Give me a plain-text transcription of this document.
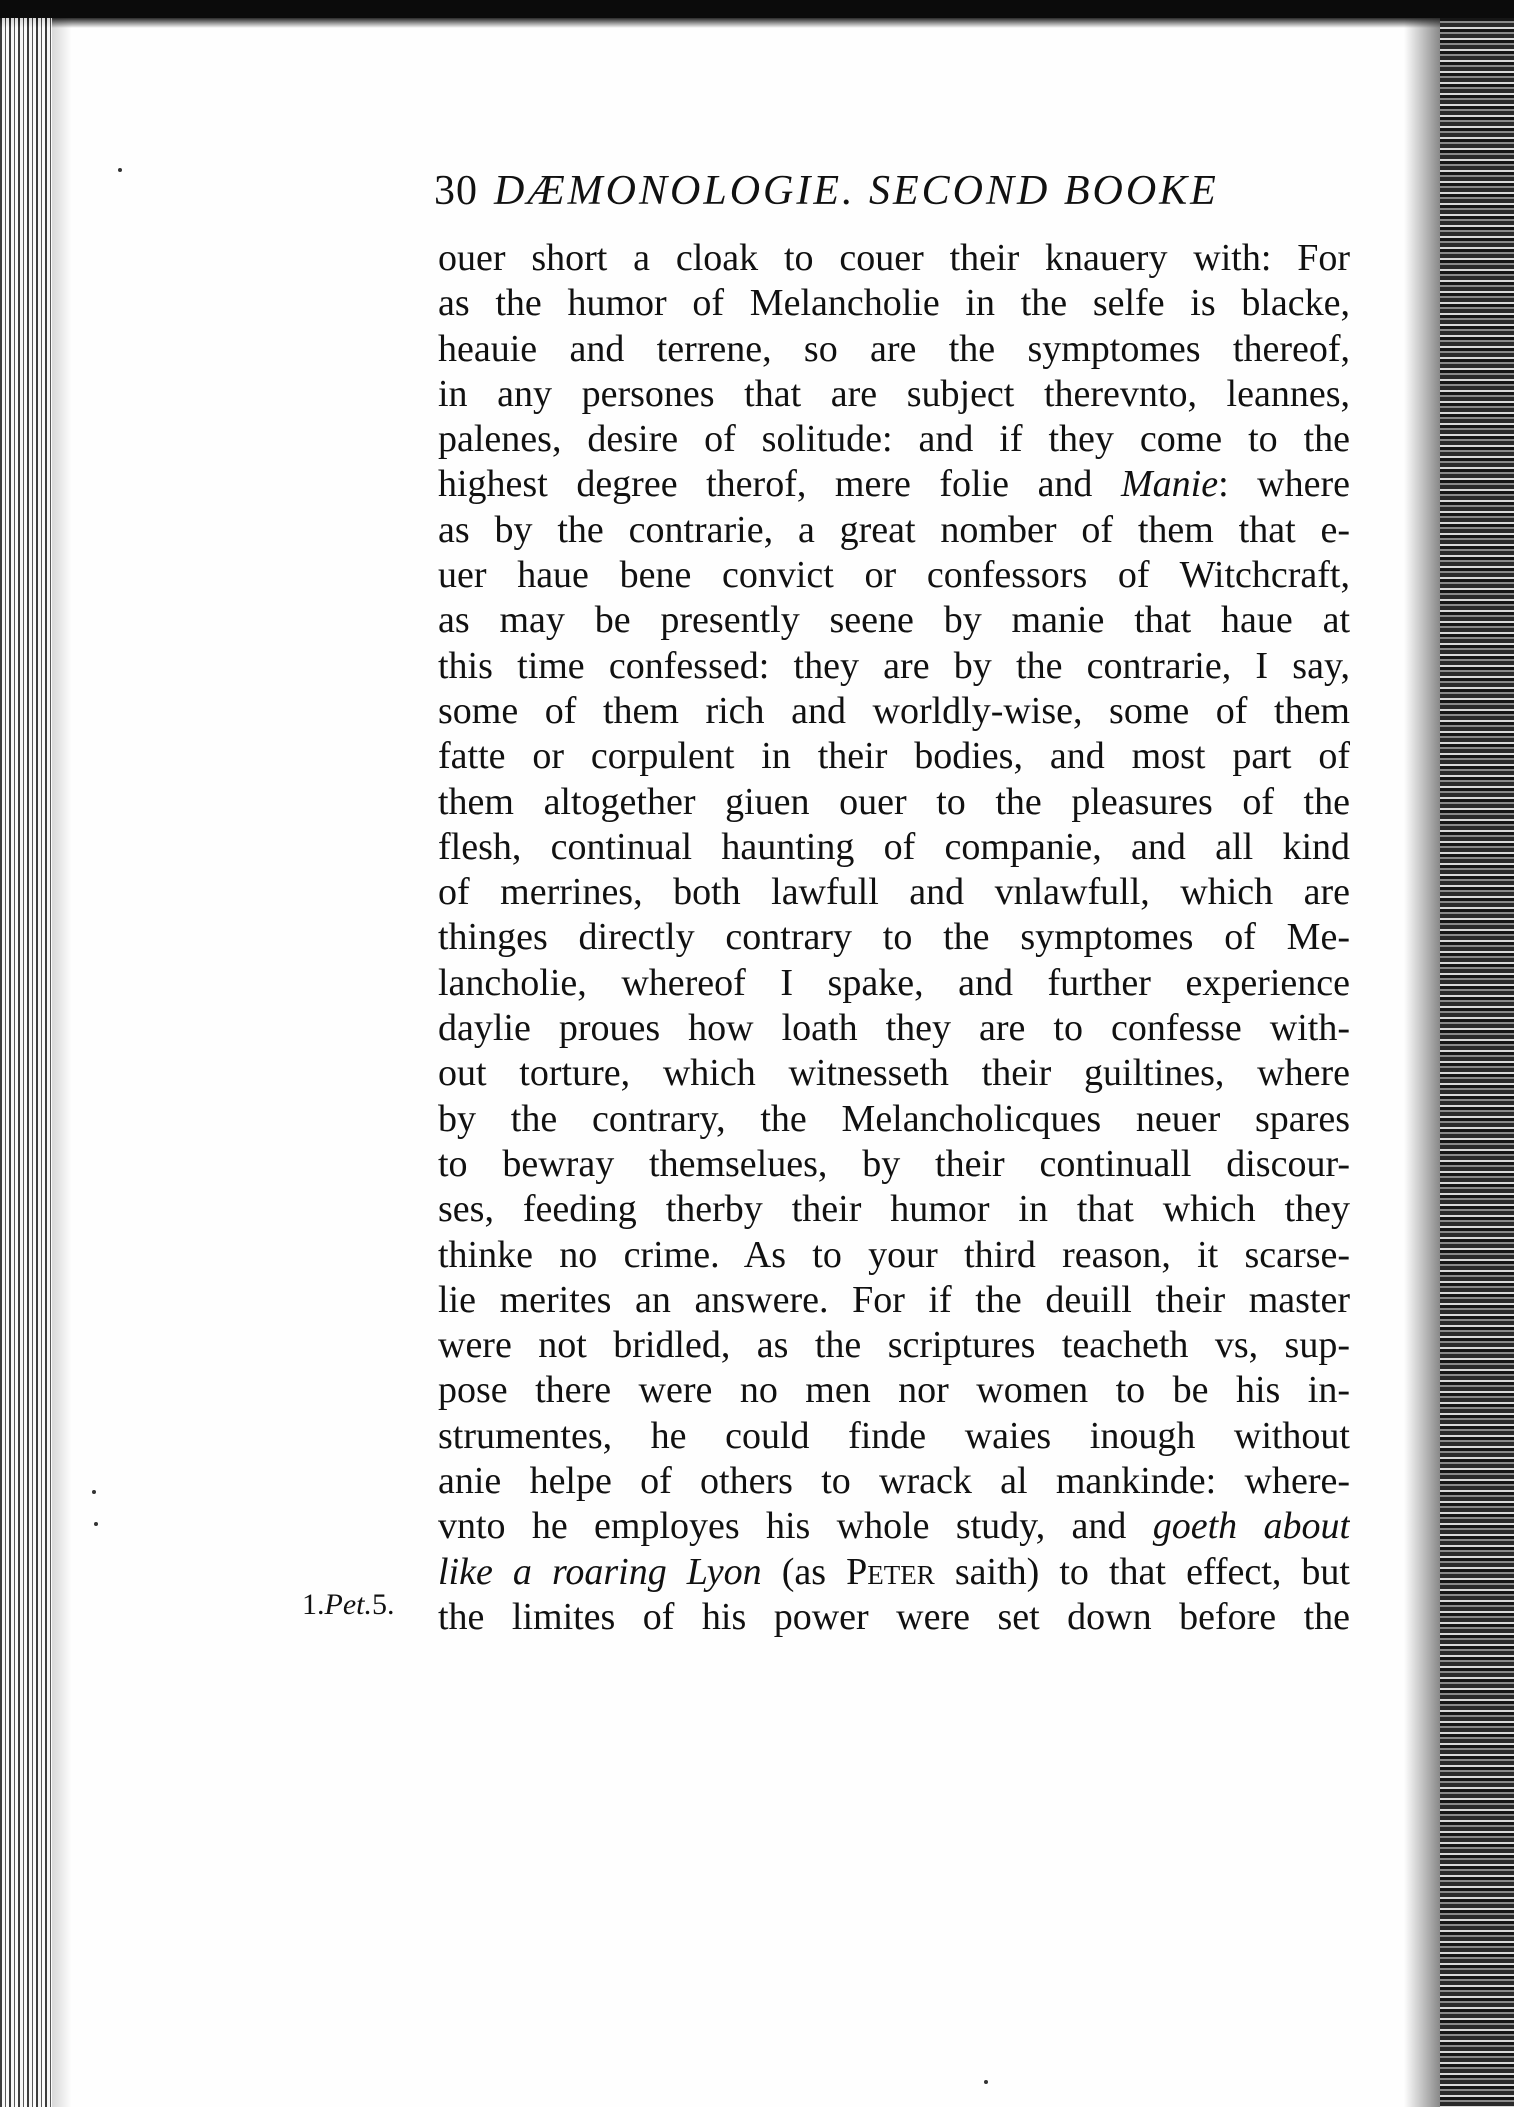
30 DÆMONOLOGIE. SECOND BOOKE
1.Pet.5.
ouer short a cloak to couer their knauery with: For
as the humor of Melancholie in the selfe is blacke,
heauie and terrene, so are the symptomes thereof,
in any persones that are subject therevnto, leannes,
palenes, desire of solitude: and if they come to the
highest degree therof, mere folie and Manie: where
as by the contrarie, a great nomber of them that e-
uer haue bene convict or confessors of Witchcraft,
as may be presently seene by manie that haue at
this time confessed: they are by the contrarie, I say,
some of them rich and worldly-wise, some of them
fatte or corpulent in their bodies, and most part of
them altogether giuen ouer to the pleasures of the
flesh, continual haunting of companie, and all kind
of merrines, both lawfull and vnlawfull, which are
thinges directly contrary to the symptomes of Me-
lancholie, whereof I spake, and further experience
daylie proues how loath they are to confesse with-
out torture, which witnesseth their guiltines, where
by the contrary, the Melancholicques neuer spares
to bewray themselues, by their continuall discour-
ses, feeding therby their humor in that which they
thinke no crime. As to your third reason, it scarse-
lie merites an answere. For if the deuill their master
were not bridled, as the scriptures teacheth vs, sup-
pose there were no men nor women to be his in-
strumentes, he could finde waies inough without
anie helpe of others to wrack al mankinde: where-
vnto he employes his whole study, and goeth about
like a roaring Lyon (as Peter saith) to that effect, but
the limites of his power were set down before the
